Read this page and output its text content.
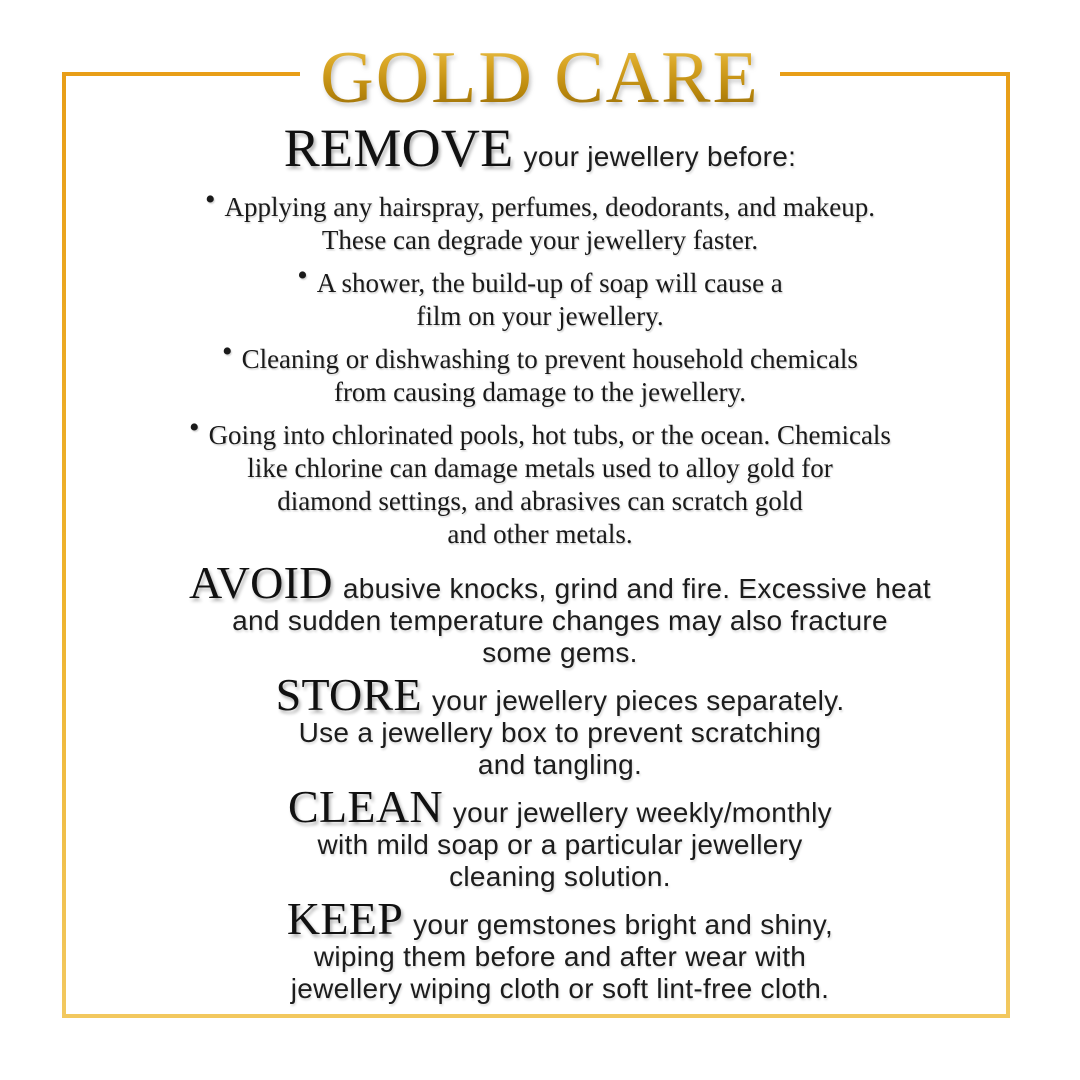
GOLD CARE

REMOVE your jewellery before:

• Applying any hairspray, perfumes, deodorants, and makeup.
These can degrade your jewellery faster.

• A shower, the build-up of soap will cause a
film on your jewellery.

• Cleaning or dishwashing to prevent household chemicals
from causing damage to the jewellery.

• Going into chlorinated pools, hot tubs, or the ocean. Chemicals
like chlorine can damage metals used to alloy gold for
diamond settings, and abrasives can scratch gold
and other metals.

AVOID abusive knocks, grind and fire. Excessive heat
and sudden temperature changes may also fracture
some gems.

STORE your jewellery pieces separately.
Use a jewellery box to prevent scratching
and tangling.

CLEAN your jewellery weekly/monthly
with mild soap or a particular jewellery
cleaning solution.

KEEP your gemstones bright and shiny,
wiping them before and after wear with
jewellery wiping cloth or soft lint-free cloth.
